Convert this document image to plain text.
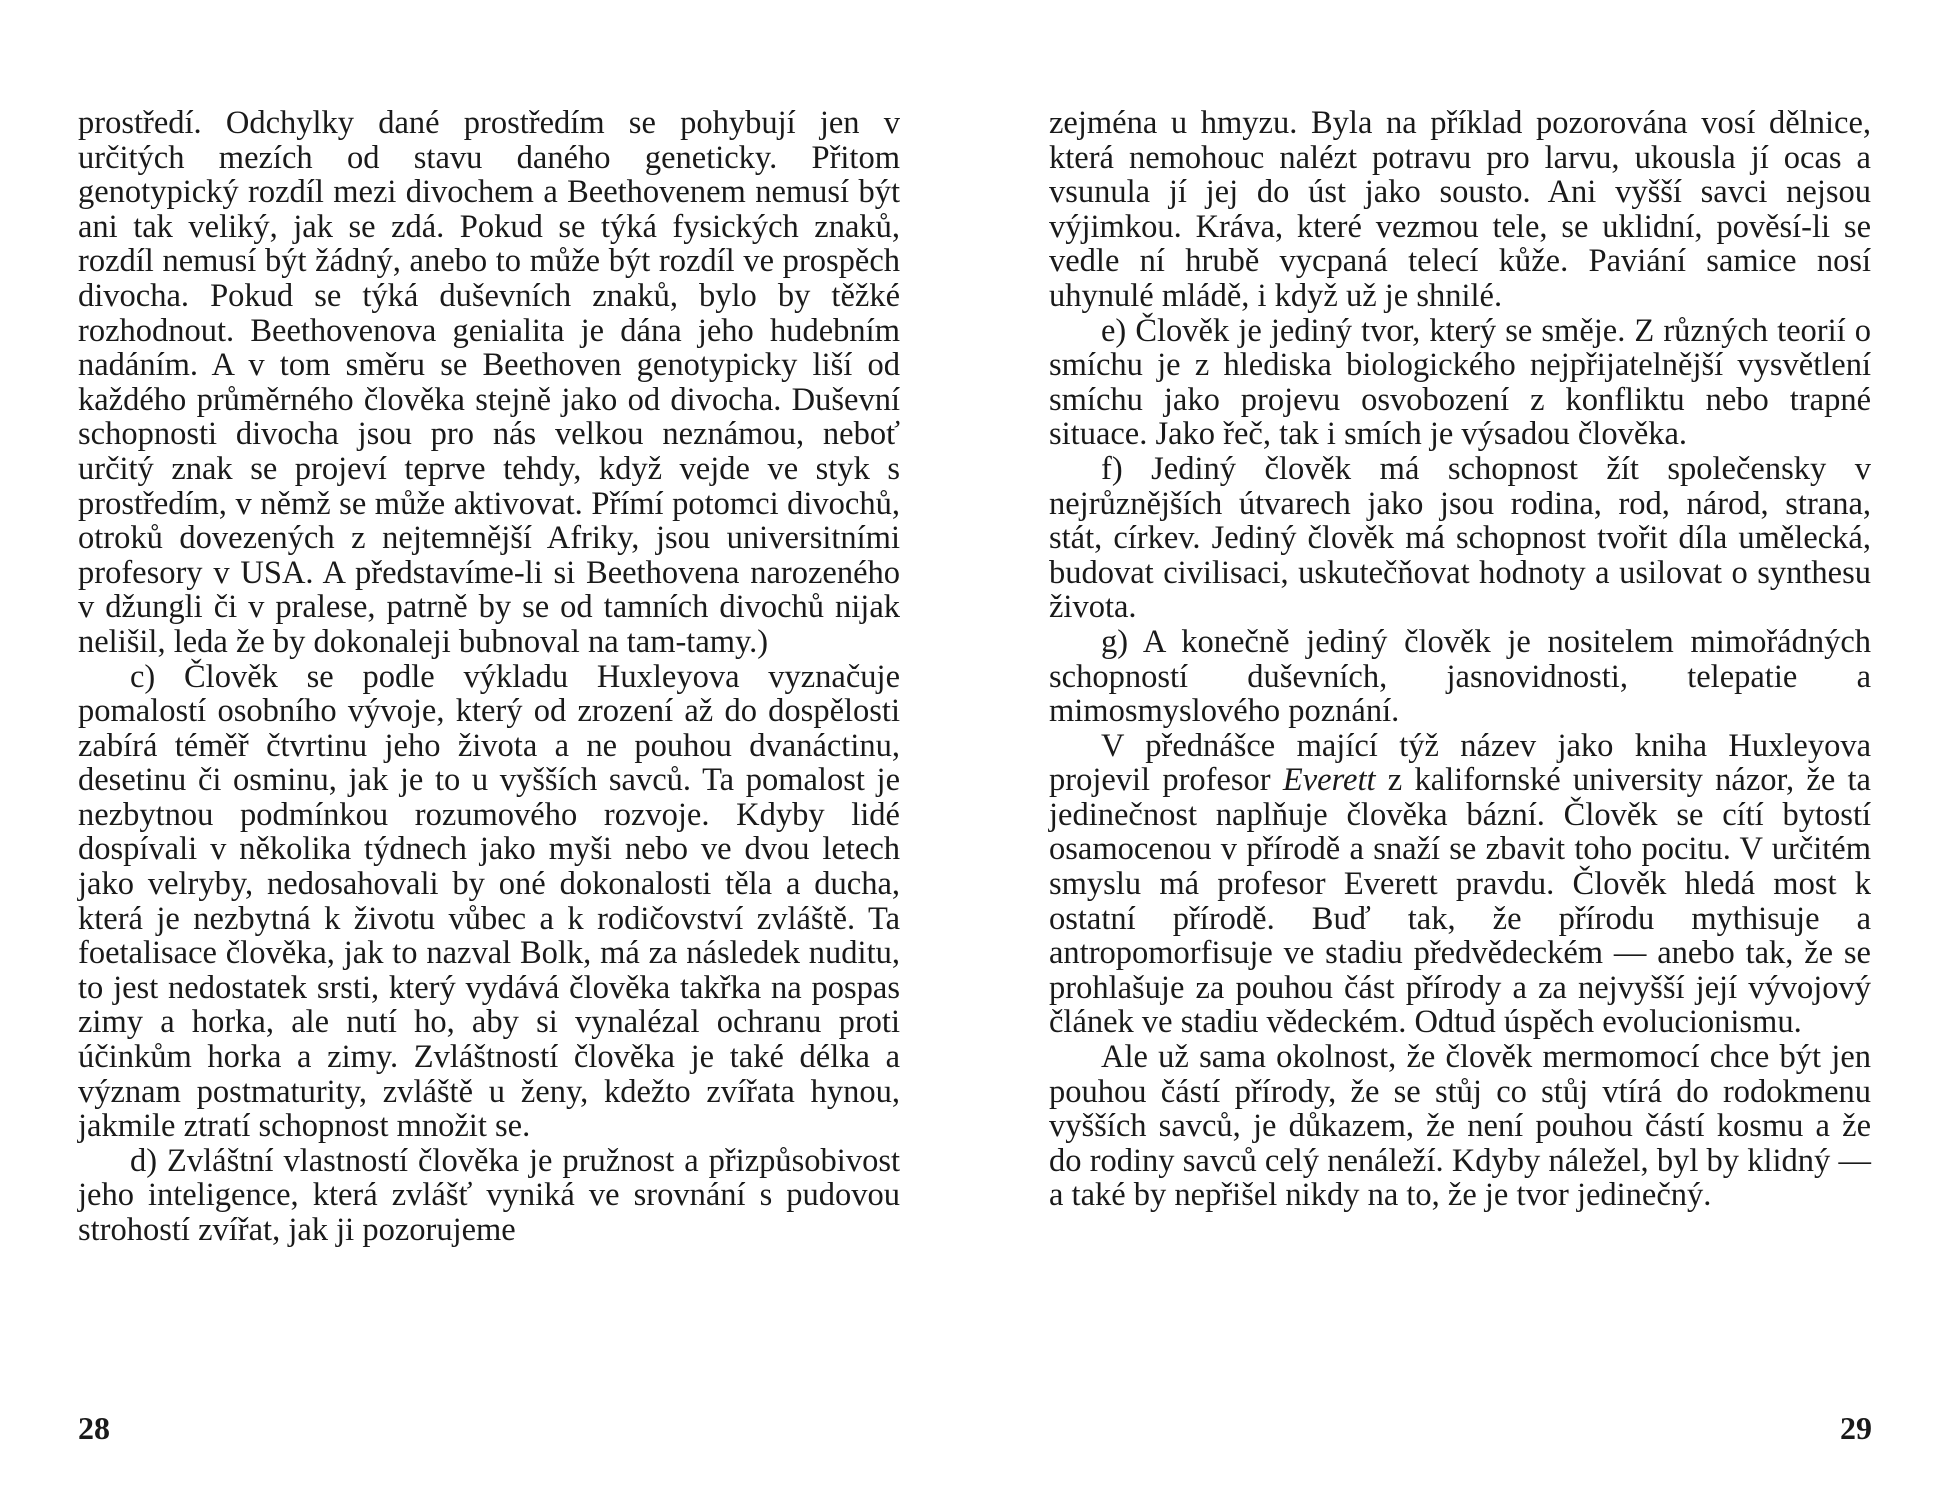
prostředí. Odchylky dané prostředím se pohybují jen v určitých mezích od stavu daného geneticky. Přitom genotypický rozdíl mezi divochem a Beethovenem nemusí být ani tak veliký, jak se zdá. Pokud se týká fysických znaků, rozdíl nemusí být žádný, anebo to může být rozdíl ve prospěch divocha. Pokud se týká duševních znaků, bylo by těžké rozhodnout. Beethovenova genialita je dána jeho hudebním nadáním. A v tom směru se Beethoven genotypicky liší od každého průměrného člověka stejně jako od divocha. Duševní schopnosti divocha jsou pro nás velkou neznámou, neboť určitý znak se projeví teprve tehdy, když vejde ve styk s prostředím, v němž se může aktivovat. Přímí potomci divochů, otroků dovezených z nejtemnější Afriky, jsou universitními profesory v USA. A představíme-li si Beethovena narozeného v džungli či v pralese, patrně by se od tamních divochů nijak nelišil, leda že by dokonaleji bubnoval na tam-tamy.)

c) Člověk se podle výkladu Huxleyova vyznačuje pomalostí osobního vývoje, který od zrození až do dospělosti zabírá téměř čtvrtinu jeho života a ne pouhou dvanáctinu, desetinu či osminu, jak je to u vyšších savců. Ta pomalost je nezbytnou podmínkou rozumového rozvoje. Kdyby lidé dospívali v několika týdnech jako myši nebo ve dvou letech jako velryby, nedosahovali by oné dokonalosti těla a ducha, která je nezbytná k životu vůbec a k rodičovství zvláště. Ta foetalisace člověka, jak to nazval Bolk, má za následek nuditu, to jest nedostatek srsti, který vydává člověka takřka na pospas zimy a horka, ale nutí ho, aby si vynalézal ochranu proti účinkům horka a zimy. Zvláštností člověka je také délka a význam postmaturity, zvláště u ženy, kdežto zvířata hynou, jakmile ztratí schopnost množit se.

d) Zvláštní vlastností člověka je pružnost a přizpůsobivost jeho inteligence, která zvlášť vyniká ve srovnání s pudovou strohostí zvířat, jak ji pozorujeme

zejména u hmyzu. Byla na příklad pozorována vosí dělnice, která nemohouc nalézt potravu pro larvu, ukousla jí ocas a vsunula jí jej do úst jako sousto. Ani vyšší savci nejsou výjimkou. Kráva, které vezmou tele, se uklidní, pověsí-li se vedle ní hrubě vycpaná telecí kůže. Paviání samice nosí uhynulé mládě, i když už je shnilé.

e) Člověk je jediný tvor, který se směje. Z různých teorií o smíchu je z hlediska biologického nejpřijatelnější vysvětlení smíchu jako projevu osvobození z konfliktu nebo trapné situace. Jako řeč, tak i smích je výsadou člověka.

f) Jediný člověk má schopnost žít společensky v nejrůznějších útvarech jako jsou rodina, rod, národ, strana, stát, církev. Jediný člověk má schopnost tvořit díla umělecká, budovat civilisaci, uskutečňovat hodnoty a usilovat o synthesu života.

g) A konečně jediný člověk je nositelem mimořádných schopností duševních, jasnovidnosti, telepatie a mimosmyslového poznání.

V přednášce mající týž název jako kniha Huxleyova projevil profesor Everett z kalifornské university názor, že ta jedinečnost naplňuje člověka bázní. Člověk se cítí bytostí osamocenou v přírodě a snaží se zbavit toho pocitu. V určitém smyslu má profesor Everett pravdu. Člověk hledá most k ostatní přírodě. Buď tak, že přírodu mythisuje a antropomorfisuje ve stadiu předvědeckém — anebo tak, že se prohlašuje za pouhou část přírody a za nejvyšší její vývojový článek ve stadiu vědeckém. Odtud úspěch evolucionismu.

Ale už sama okolnost, že člověk mermomocí chce být jen pouhou částí přírody, že se stůj co stůj vtírá do rodokmenu vyšších savců, je důkazem, že není pouhou částí kosmu a že do rodiny savců celý nenáleží. Kdyby náležel, byl by klidný — a také by nepřišel nikdy na to, že je tvor jedinečný.

28	29
